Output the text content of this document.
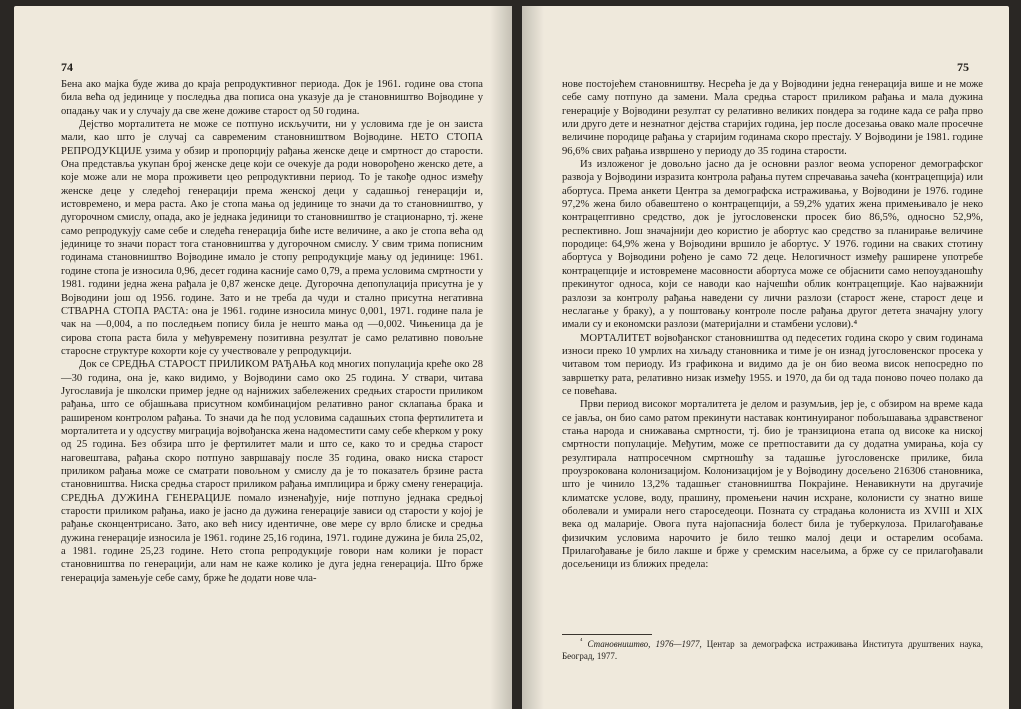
74

Бена ако мајка буде жива до краја репродуктивног периода. Док је 1961. године ова стопа била већа од јединице у последња два пописа она указује да је становништво Војводине у опадању чак и у случају да све жене доживе старост од 50 година.

Дејство морталитета не може се потпуно искључити, ни у условима где је он заиста мали, као што је случај са савременим становништвом Војводине. НЕТО СТОПА РЕПРОДУКЦИЈЕ узима у обзир и пропорцију рађања женске деце и смртност до старости. Она представља укупан број женске деце који се очекује да роди новорођено женско дете, а које може али не мора проживети цео репродуктивни период. То је такође однос између женске деце у следећој генерацији према женској деци у садашњој генерацији и, истовремено, и мера раста. Ако је стопа мања од јединице то значи да то становништво, у дугорочном смислу, опада, ако је једнака јединици то становништво је стационарно, тј. жене само репродукују саме себе и следећа генерација биће исте величине, а ако је стопа већа од јединице то значи пораст тога становништва у дугорочном смислу. У свим трима пописним годинама становништво Војводине имало је стопу репродукције мању од јединице: 1961. године стопа је износила 0,96, десет година касније само 0,79, а према условима смртности у 1981. години једна жена рађала је 0,87 женске деце. Дугорочна депопулација присутна је у Војводини још од 1956. године. Зато и не треба да чуди и стално присутна негативна СТВАРНА СТОПА РАСТА: она је 1961. године износила минус 0,001, 1971. године пала је чак на —0,004, а по последњем попису била је нешто мања од —0,002. Чињеница да је сирова стопа раста била у међувремену позитивна резултат је само релативно повољне старосне структуре кохорти које су учествовале у репродукцији.

Док се СРЕДЊА СТАРОСТ ПРИЛИКОМ РАЂАЊА код многих популација креће око 28—30 година, она је, како видимо, у Војводини само око 25 година. У ствари, читава Југославија је школски пример једне од најнижих забележених средњих старости приликом рађања, што се објашњава присутном комбинацијом релативно раног склапања брака и раширеном контролом рађања. То значи да ће под условима садашњих стопа фертилитета и морталитета и у одсуству миграција војвођанска жена надоместити саму себе кћерком у року од 25 година. Без обзира што је фертилитет мали и што се, како то и средња старост наговештава, рађања скоро потпуно завршавају после 35 година, овако ниска старост приликом рађања може се сматрати повољном у смислу да је то показатељ брзине раста становништва. Ниска средња старост приликом рађања имплицира и бржу смену генерација. СРЕДЊА ДУЖИНА ГЕНЕРАЦИЈЕ помало изненађује, није потпуно једнака средњој старости приликом рађања, иако је јасно да дужина генерације зависи од старости у којој је рађање сконцентрисано. Зато, ако већ нису идентичне, ове мере су врло блиске и средња дужина генерације износила је 1961. године 25,16 година, 1971. године дужина је била 25,02, а 1981. године 25,23 године. Нето стопа репродукције говори нам колики је пораст становништва по генерацији, али нам не каже колико је дуга једна генерација. Што брже генерација замењује себе саму, брже ће додати нове чла-

75

нове постојећем становништву. Несрећа је да у Војводини једна генерација више и не може себе саму потпуно да замени. Мала средња старост приликом рађања и мала дужина генерације у Војводини резултат су релативно великих пондера за године када се рађа прво или друго дете и незнатног дејства старијих година, јер после досезања овако мале просечне величине породице рађања у старијим годинама скоро престају. У Војводини је 1981. године 96,6% свих рађања извршено у периоду до 35 година старости.

Из изложеног је довољно јасно да је основни разлог веома успореног демографског развоја у Војводини изразита контрола рађања путем спречавања зачећа (контрацепција) или абортуса. Према анкети Центра за демографска истраживања, у Војводини је 1976. године 97,2% жена било обавештено о контрацепцији, а 59,2% удатих жена примењивало је неко контрацептивно средство, док је југословенски просек био 86,5%, односно 52,9%, респективно. Још значајнији део користио је абортус као средство за планирање величине породице: 64,9% жена у Војводини вршило је абортус. У 1976. години на сваких стотину абортуса у Војводини рођено је само 72 деце. Нелогичност између раширене употребе контрацепције и истовремене масовности абортуса може се објаснити само непоузданошћу прекинутог односа, који се наводи као најчешћи облик контрацепције. Као најважнији разлози за контролу рађања наведени су лични разлози (старост жене, старост деце и неслагање у браку), а у поштовању контроле после рађања другог детета значајну улогу имали су и економски разлози (материјални и стамбени услови).⁴

МОРТАЛИТЕТ војвођанског становништва од педесетих година скоро у свим годинама износи преко 10 умрлих на хиљаду становника и тиме је он изнад југословенског просека у читавом том периоду. Из графикона и видимо да је он био веома висок непосредно по завршетку рата, релативно низак између 1955. и 1970, да би од тада поново почео полако да се повећава.

Први период високог морталитета је делом и разумљив, јер је, с обзиром на време када се јавља, он био само ратом прекинути наставак континуираног побољшавања здравственог стања народа и снижавања смртности, тј. био је транзициона етапа од високе ка ниској смртности популације. Међутим, може се претпоставити да су додатна умирања, која су резултирала натпросечном смртношћу за тадашње југословенске прилике, била проузрокована колонизацијом. Колонизацијом је у Војводину досељено 216306 становника, што је чинило 13,2% тадашњег становништва Покрајине. Ненавикнути на другачије климатске услове, воду, прашину, промењени начин исхране, колонисти су знатно више оболевали и умирали него староседеоци. Позната су страдања колониста из XVIII и XIX века од маларије. Овога пута најопаснија болест била је туберкулоза. Прилагођавање физичким условима нарочито је било тешко малој деци и остарелим особама. Прилагођавање је било лакше и брже у сремским насељима, а брже су се прилагођавали досељеници из ближих предела:

$^{^4}$ Становништво, 1976—1977, Центар за демографска истраживања Института друштвених наука, Београд, 1977.
